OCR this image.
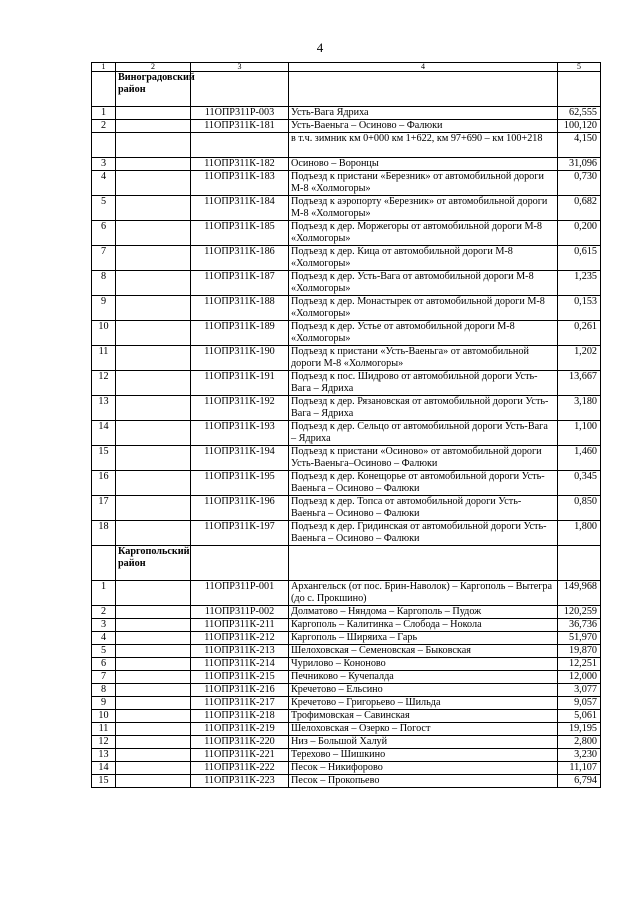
4
1	2	3	4	5
	Виноградовский район			
1		11ОПР311Р-003	Усть-Вага Ядриха	62,555
2		11ОПР311К-181	Усть-Ваеньга – Осиново – Фалюки	100,120
			в т.ч. зимник км 0+000 км 1+622, км 97+690 – км 100+218	4,150
3		11ОПР311К-182	Осиново – Воронцы	31,096
4		11ОПР311К-183	Подъезд к пристани «Березник» от автомобильной дороги М-8 «Холмогоры»	0,730
5		11ОПР311К-184	Подъезд к аэропорту «Березник» от автомобильной дороги М-8 «Холмогоры»	0,682
6		11ОПР311К-185	Подъезд к дер. Моржегоры от автомобильной дороги М-8 «Холмогоры»	0,200
7		11ОПР311К-186	Подъезд к дер. Кица от автомобильной дороги М-8 «Холмогоры»	0,615
8		11ОПР311К-187	Подъезд к дер. Усть-Вага от автомобильной дороги М-8 «Холмогоры»	1,235
9		11ОПР311К-188	Подъезд к дер. Монастырек от автомобильной дороги М-8 «Холмогоры»	0,153
10		11ОПР311К-189	Подъезд к дер. Устье от автомобильной дороги М-8 «Холмогоры»	0,261
11		11ОПР311К-190	Подъезд к пристани «Усть-Ваеньга» от автомобильной дороги М-8 «Холмогоры»	1,202
12		11ОПР311К-191	Подъезд к пос. Шидрово от автомобильной дороги Усть-Вага – Ядриха	13,667
13		11ОПР311К-192	Подъезд к дер. Рязановская от автомобильной дороги Усть-Вага – Ядриха	3,180
14		11ОПР311К-193	Подъезд к дер. Сельцо от автомобильной дороги Усть-Вага – Ядриха	1,100
15		11ОПР311К-194	Подъезд к пристани «Осиново» от автомобильной дороги Усть-Ваеньга–Осиново – Фалюки	1,460
16		11ОПР311К-195	Подъезд к дер. Конещорье от автомобильной дороги Усть-Ваеньга – Осиново – Фалюки	0,345
17		11ОПР311К-196	Подъезд к дер. Топса от автомобильной дороги Усть-Ваеньга – Осиново – Фалюки	0,850
18		11ОПР311К-197	Подъезд к дер. Гридинская от автомобильной дороги Усть-Ваеньга – Осиново – Фалюки	1,800
	Каргопольский район			
1		11ОПР311Р-001	Архангельск (от пос. Брин-Наволок) – Каргополь – Вытегра (до с. Прокшино)	149,968
2		11ОПР311Р-002	Долматово – Няндома – Каргополь – Пудож	120,259
3		11ОПР311К-211	Каргополь – Калитинка – Слобода – Нокола	36,736
4		11ОПР311К-212	Каргополь – Ширяиха – Гарь	51,970
5		11ОПР311К-213	Шелоховская – Семеновская – Быковская	19,870
6		11ОПР311К-214	Чурилово – Кононово	12,251
7		11ОПР311К-215	Печниково – Кучепалда	12,000
8		11ОПР311К-216	Кречетово – Ельсино	3,077
9		11ОПР311К-217	Кречетово – Григорьево – Шильда	9,057
10		11ОПР311К-218	Трофимовская – Савинская	5,061
11		11ОПР311К-219	Шелоховская – Озерко – Погост	19,195
12		11ОПР311К-220	Низ – Большой Халуй	2,800
13		11ОПР311К-221	Терехово – Шишкино	3,230
14		11ОПР311К-222	Песок – Никифорово	11,107
15		11ОПР311К-223	Песок – Прокопьево	6,794
